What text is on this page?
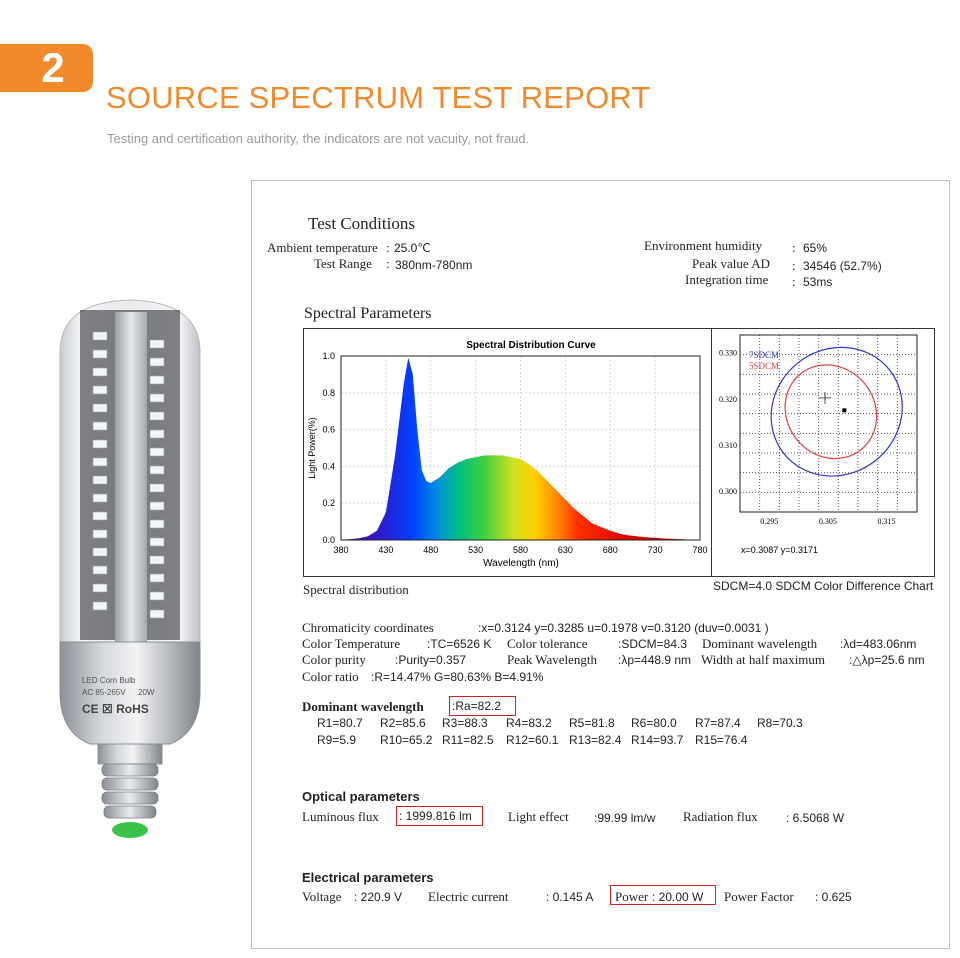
2
SOURCE SPECTRUM TEST REPORT
Testing and certification authority, the indicators are not vacuity, not fraud.
LED Corn Bulb
AC 85-265V 20W
CE ☒ RoHS
Test Conditions
Ambient temperature : 25.0℃
Test Range : 380nm-780nm
Environment humidity : 65%
Peak value AD : 34546 (52.7%)
Integration time : 53ms
Spectral Parameters
Spectral Distribution Curve
380	430	480	530	580	630	680	730	780
0.0
0.2
0.4
0.6
0.8
1.0
Wavelength (nm)
Light Power(%)
0.295	0.305	0.315
0.330
0.320
0.310
0.300
7SDCM
5SDCM
x=0.3087 y=0.3171
Spectral distribution	SDCM=4.0 SDCM Color Difference Chart
Chromaticity coordinates	:x=0.3124 y=0.3285 u=0.1978 v=0.3120 (duv=0.0031 )
Color Temperature :TC=6526 K Color tolerance	:SDCM=84.3 Dominant wavelength :λd=483.06nm
Color purity :Purity=0.357	Peak Wavelength :λp=448.9 nm Width at half maximum :△λp=25.6 nm
Color ratio :R=14.47% G=80.63% B=4.91%
Dominant wavelength :Ra=82.2
R1=80.7 R2=85.6 R3=88.3 R4=83.2 R5=81.8 R6=80.0 R7=87.4 R8=70.3
R9=5.9 R10=65.2 R11=82.5 R12=60.1 R13=82.4 R14=93.7 R15=76.4
Optical parameters
Luminous flux : 1999.816 lm	Light effect :99.99 lm/w Radiation flux : 6.5068 W
Electrical parameters
Voltage : 220.9 V Electric current	: 0.145 A Power : 20.00 W Power Factor : 0.625
